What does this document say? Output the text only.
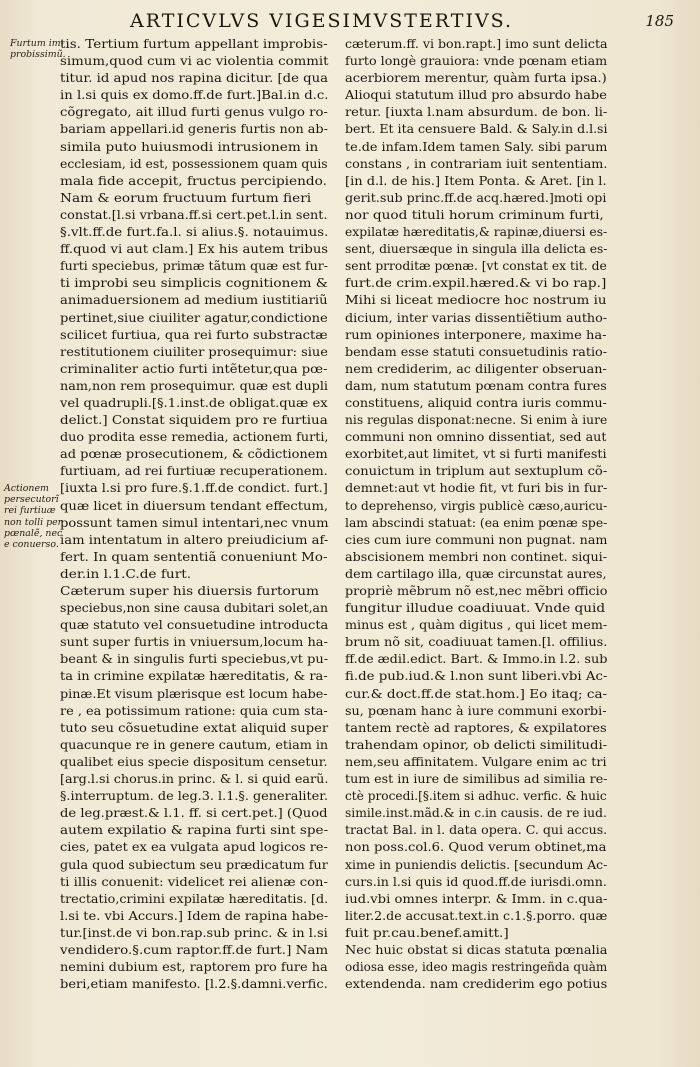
ARTICVLVS VIGESIMVSTERTIVS.	185
Furtum im-
probissimũ.
Actionem
persecutorĩ
rei furtiuæ
non tolli per
pœnalẽ, nec
e conuerso.
tis. Tertium furtum appellant improbis-
simum,quod cum vi ac violentia commit
titur. id apud nos rapina dicitur. [de qua
in l.si quis ex domo.ff.de furt.]Bal.in d.c.
cõgregato, ait illud furti genus vulgo ro-
bariam appellari.id generis furtis non ab-
simila puto huiusmodi intrusionem in
ecclesiam, id est, possessionem quam quis
mala fide accepit, fructus percipiendo.
Nam & eorum fructuum furtum fieri
constat.[l.si vrbana.ff.si cert.pet.l.in sent.
§.vlt.ff.de furt.fa.l. si alius.§. notauimus.
ff.quod vi aut clam.] Ex his autem tribus
furti speciebus, primæ tãtum quæ est fur-
ti improbi seu simplicis cognitionem &
animaduersionem ad medium iustitiariũ
pertinet,siue ciuiliter agatur,condictione
scilicet furtiua, qua rei furto substractæ
restitutionem ciuiliter prosequimur: siue
criminaliter actio furti intẽtetur,qua pœ-
nam,non rem prosequimur. quæ est dupli
vel quadrupli.[§.1.inst.de obligat.quæ ex
delict.] Constat siquidem pro re furtiua
duo prodita esse remedia, actionem furti,
ad pœnæ prosecutionem, & cõdictionem
furtiuam, ad rei furtiuæ recuperationem.
[iuxta l.si pro fure.§.1.ff.de condict. furt.]
quæ licet in diuersum tendant effectum,
possunt tamen simul intentari,nec vnum
iam intentatum in altero preiudicium af-
fert. In quam sententiã conueniunt Mo-
der.in l.1.C.de furt.
Cæterum super his diuersis furtorum
speciebus,non sine causa dubitari solet,an
quæ statuto vel consuetudine introducta
sunt super furtis in vniuersum,locum ha-
beant & in singulis furti speciebus,vt pu-
ta in crimine expilatæ hæreditatis, & ra-
pinæ.Et visum plærisque est locum habe-
re , ea potissimum ratione: quia cum sta-
tuto seu cõsuetudine extat aliquid super
quacunque re in genere cautum, etiam in
qualibet eius specie dispositum censetur.
[arg.l.si chorus.in princ. & l. si quid earũ.
§.interruptum. de leg.3. l.1.§. generaliter.
de leg.præst.& l.1. ff. si cert.pet.] (Quod
autem expilatio & rapina furti sint spe-
cies, patet ex ea vulgata apud logicos re-
gula quod subiectum seu prædicatum fur
ti illis conuenit: videlicet rei alienæ con-
trectatio,crimini expilatæ hæreditatis. [d.
l.si te. vbi Accurs.] Idem de rapina habe-
tur.[inst.de vi bon.rap.sub princ. & in l.si
vendidero.§.cum raptor.ff.de furt.] Nam
nemini dubium est, raptorem pro fure ha
beri,etiam manifesto. [l.2.§.damni.verfic.
cæterum.ff. vi bon.rapt.] imo sunt delicta
furto longè grauiora: vnde pœnam etiam
acerbiorem merentur, quàm furta ipsa.)
Alioqui statutum illud pro absurdo habe
retur. [iuxta l.nam absurdum. de bon. li-
bert. Et ita censuere Bald. & Saly.in d.l.si
te.de infam.Idem tamen Saly. sibi parum
constans , in contrariam iuit sententiam.
[in d.l. de his.] Item Ponta. & Aret. [in l.
gerit.sub princ.ff.de acq.hæred.]moti opi
nor quod tituli horum criminum furti,
expilatæ hæreditatis,& rapinæ,diuersi es-
sent, diuersæque in singula illa delicta es-
sent prroditæ pœnæ. [vt constat ex tit. de
furt.de crim.expil.hæred.& vi bo rap.]
Mihi si liceat mediocre hoc nostrum iu
dicium, inter varias dissentiẽtium autho-
rum opiniones interponere, maxime ha-
bendam esse statuti consuetudinis ratio-
nem crediderim, ac diligenter obseruan-
dam, num statutum pœnam contra fures
constituens, aliquid contra iuris commu-
nis regulas disponat:necne. Si enim à iure
communi non omnino dissentiat, sed aut
exorbitet,aut limitet, vt si furti manifesti
conuictum in triplum aut sextuplum cõ-
demnet:aut vt hodie fit, vt furi bis in fur-
to deprehenso, virgis publicè cæso,auricu-
lam abscindi statuat: (ea enim pœnæ spe-
cies cum iure communi non pugnat. nam
abscisionem membri non continet. siqui-
dem cartilago illa, quæ circunstat aures,
propriè mẽbrum nõ est,nec mẽbri officio
fungitur illudue coadiuuat. Vnde quid
minus est , quàm digitus , qui licet mem-
brum nõ sit, coadiuuat tamen.[l. offilius.
ff.de ædil.edict. Bart. & Immo.in l.2. sub
fi.de pub.iud.& l.non sunt liberi.vbi Ac-
cur.& doct.ff.de stat.hom.] Eo itaq; ca-
su, pœnam hanc à iure communi exorbi-
tantem rectè ad raptores, & expilatores
trahendam opinor, ob delicti similitudi-
nem,seu affinitatem. Vulgare enim ac tri
tum est in iure de similibus ad similia re-
ctè procedi.[§.item si adhuc. verfic. & huic
simile.inst.mãd.& in c.in causis. de re iud.
tractat Bal. in l. data opera. C. qui accus.
non poss.col.6. Quod verum obtinet,ma
xime in puniendis delictis. [secundum Ac-
curs.in l.si quis id quod.ff.de iurisdi.omn.
iud.vbi omnes interpr. & Imm. in c.qua-
liter.2.de accusat.text.in c.1.§.porro. quæ
fuit pr.cau.benef.amitt.]
Nec huic obstat si dicas statuta pœnalia
odiosa esse, ideo magis restringeñda quàm
extendenda. nam crediderim ego potius
